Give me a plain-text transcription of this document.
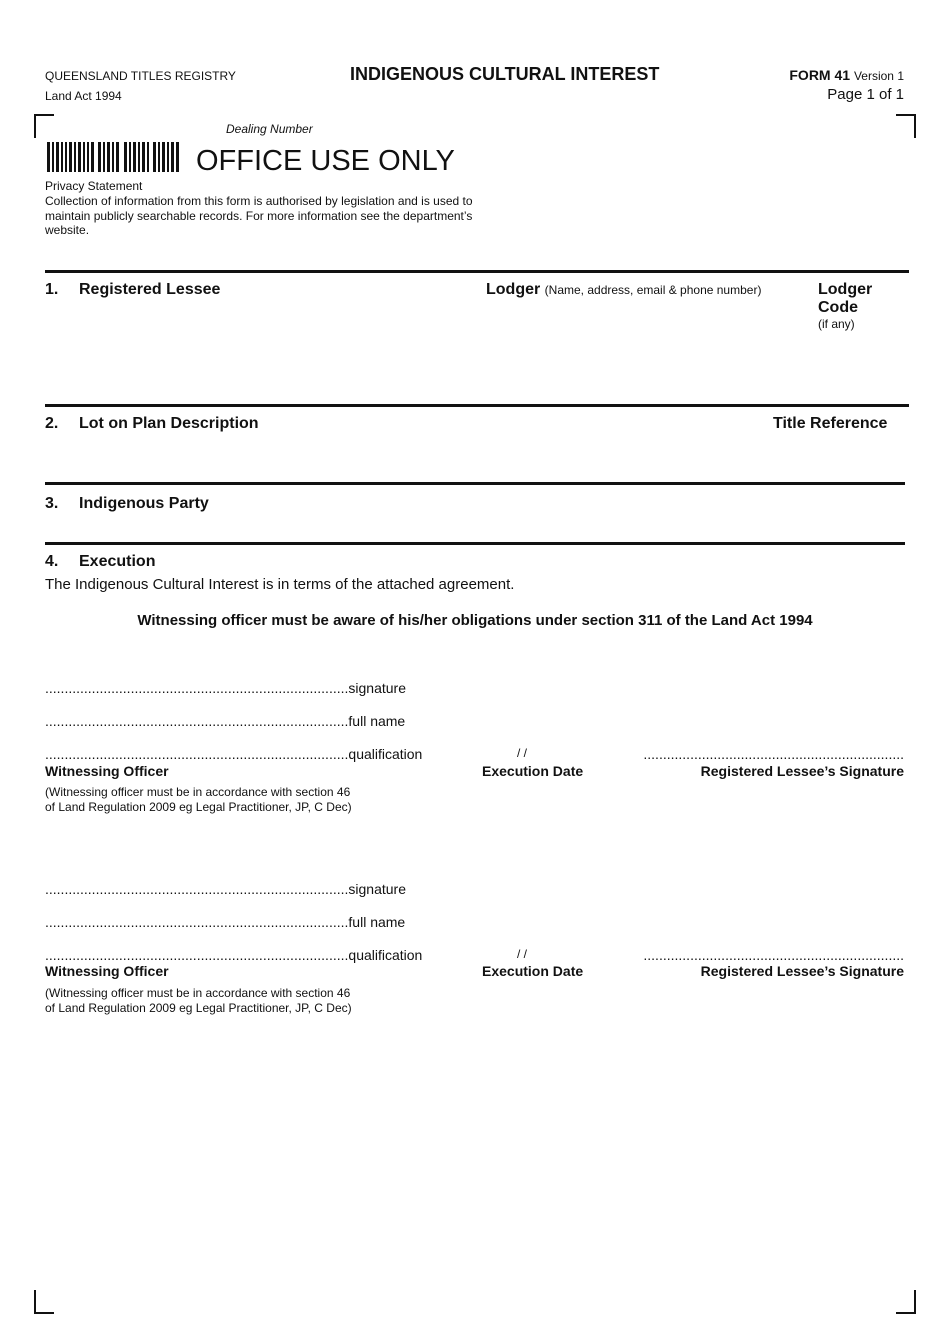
QUEENSLAND TITLES REGISTRY
Land Act 1994
INDIGENOUS CULTURAL INTEREST	FORM 41 Version 1
Page 1 of 1
Dealing Number
OFFICE USE ONLY
Privacy Statement
Collection of information from this form is authorised by legislation and is used to maintain publicly searchable records. For more information see the department’s website.
1. Registered Lessee	Lodger (Name, address, email & phone number)	Lodger
Code
(if any)
2. Lot on Plan Description	Title Reference
3. Indigenous Party
4. Execution
The Indigenous Cultural Interest is in terms of the attached agreement.
Witnessing officer must be aware of his/her obligations under section 311 of the Land Act 1994
..............................................................................signature
..............................................................................full name
..............................................................................qualification
Witnessing Officer
(Witnessing officer must be in accordance with section 46
of Land Regulation 2009 eg Legal Practitioner, JP, C Dec)
/ /
Execution Date
...................................................................
Registered Lessee’s Signature
..............................................................................signature
..............................................................................full name
..............................................................................qualification
Witnessing Officer
(Witnessing officer must be in accordance with section 46
of Land Regulation 2009 eg Legal Practitioner, JP, C Dec)
/ /
Execution Date
...................................................................
Registered Lessee’s Signature
